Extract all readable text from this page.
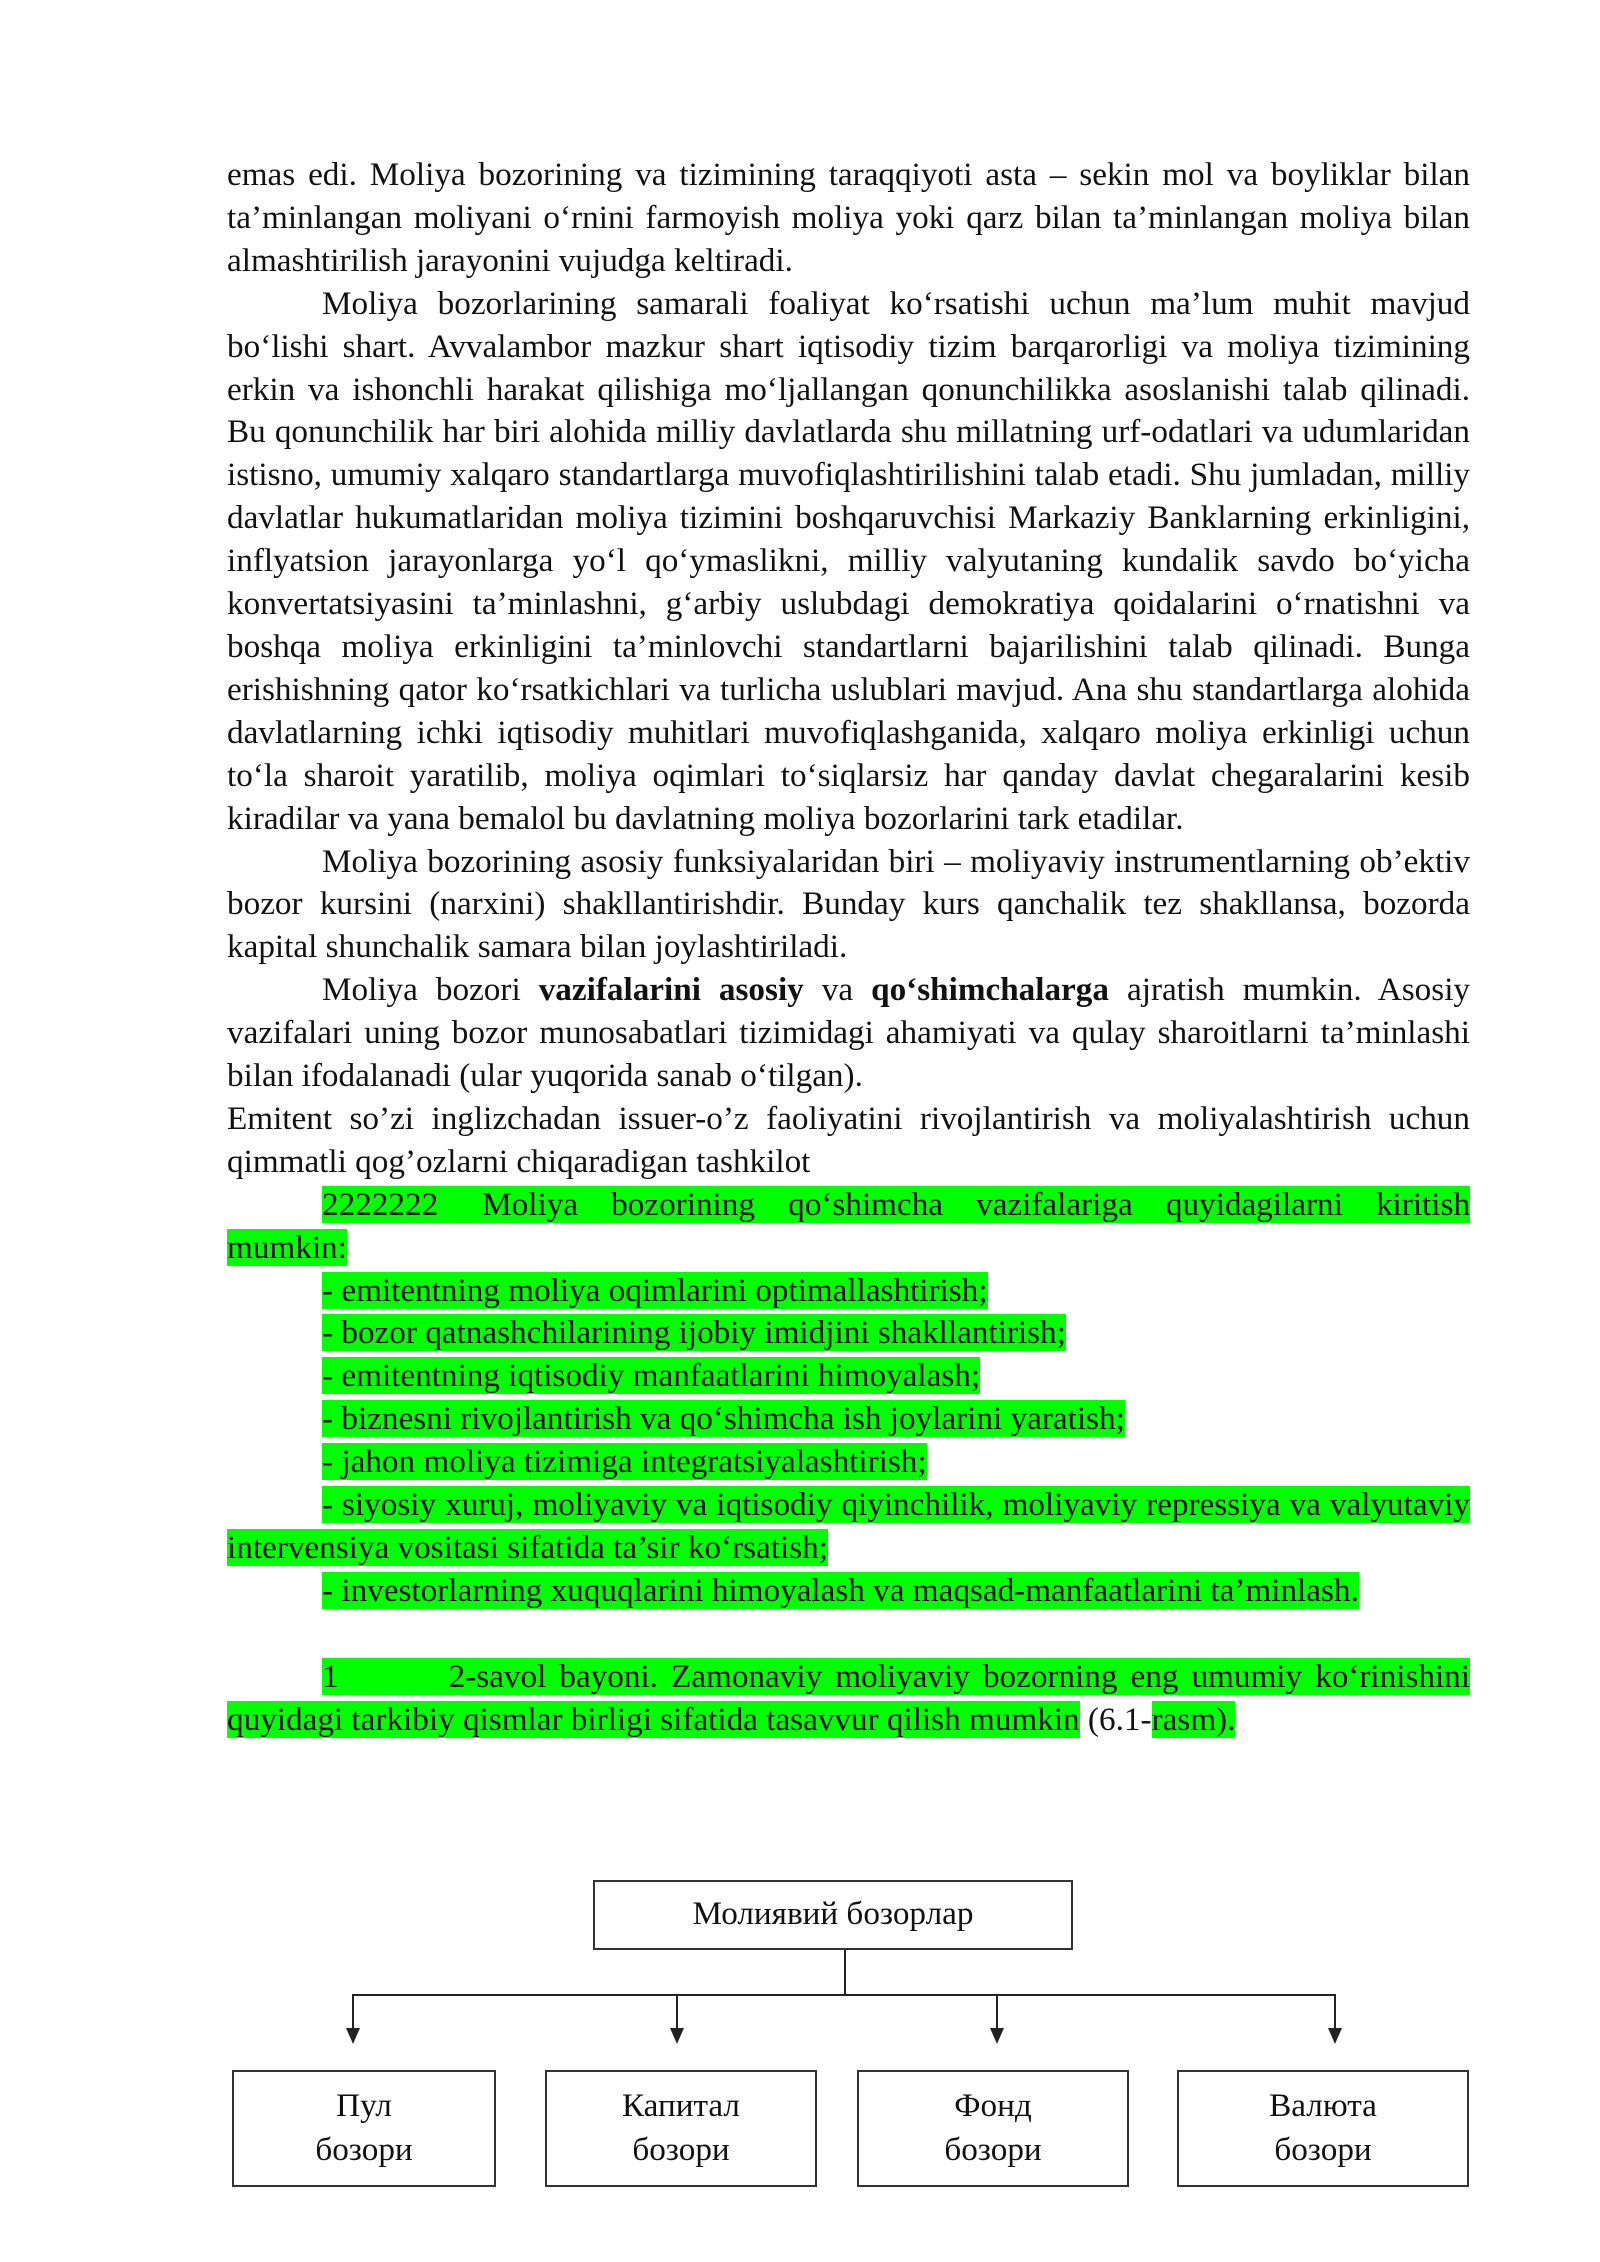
emas edi. Moliya bozorining va tizimining taraqqiyoti asta – sekin mol va boyliklar bilan ta’minlangan moliyani oʻrnini farmoyish moliya yoki qarz bilan ta’minlangan moliya bilan almashtirilish jarayonini vujudga keltiradi.

Moliya bozorlarining samarali foaliyat koʻrsatishi uchun ma’lum muhit mavjud boʻlishi shart. Avvalambor mazkur shart iqtisodiy tizim barqarorligi va moliya tizimining erkin va ishonchli harakat qilishiga moʻljallangan qonunchilikka asoslanishi talab qilinadi. Bu qonunchilik har biri alohida milliy davlatlarda shu millatning urf-odatlari va udumlaridan istisno, umumiy xalqaro standartlarga muvofiqlashtirilishini talab etadi. Shu jumladan, milliy davlatlar hukumatlaridan moliya tizimini boshqaruvchisi Markaziy Banklarning erkinligini, inflyatsion jarayonlarga yoʻl qoʻymaslikni, milliy valyutaning kundalik savdo boʻyicha konvertatsiyasini ta’minlashni, gʻarbiy uslubdagi demokratiya qoidalarini oʻrnatishni va boshqa moliya erkinligini ta’minlovchi standartlarni bajarilishini talab qilinadi. Bunga erishishning qator koʻrsatkichlari va turlicha uslublari mavjud. Ana shu standartlarga alohida davlatlarning ichki iqtisodiy muhitlari muvofiqlashganida, xalqaro moliya erkinligi uchun toʻla sharoit yaratilib, moliya oqimlari toʻsiqlarsiz har qanday davlat chegaralarini kesib kiradilar va yana bemalol bu davlatning moliya bozorlarini tark etadilar.

Moliya bozorining asosiy funksiyalaridan biri – moliyaviy instrumentlarning ob’ektiv bozor kursini (narxini) shakllantirishdir. Bunday kurs qanchalik tez shakllansa, bozorda kapital shunchalik samara bilan joylashtiriladi.

Moliya bozori vazifalarini asosiy va qoʻshimchalarga ajratish mumkin. Asosiy vazifalari uning bozor munosabatlari tizimidagi ahamiyati va qulay sharoitlarni ta’minlashi bilan ifodalanadi (ular yuqorida sanab oʻtilgan).

Emitent so’zi inglizchadan issuer-o’z faoliyatini rivojlantirish va moliyalashtirish uchun qimmatli qog’ozlarni chiqaradigan tashkilot

2222222 Moliya bozorining qoʻshimcha vazifalariga quyidagilarni kiritish mumkin:

- emitentning moliya oqimlarini optimallashtirish;

- bozor qatnashchilarining ijobiy imidjini shakllantirish;

- emitentning iqtisodiy manfaatlarini himoyalash;

- biznesni rivojlantirish va qoʻshimcha ish joylarini yaratish;

- jahon moliya tizimiga integratsiyalashtirish;

- siyosiy xuruj, moliyaviy va iqtisodiy qiyinchilik, moliyaviy repressiya va valyutaviy intervensiya vositasi sifatida ta’sir koʻrsatish;

- investorlarning xuquqlarini himoyalash va maqsad-manfaatlarini ta’minlash.

1	2-savol bayoni. Zamonaviy moliyaviy bozorning eng umumiy koʻrinishini quyidagi tarkibiy qismlar birligi sifatida tasavvur qilish mumkin (6.1-rasm).

Молиявий бозорлар
Пул
бозори
Капитал
бозори
Фонд
бозори
Валюта
бозори
